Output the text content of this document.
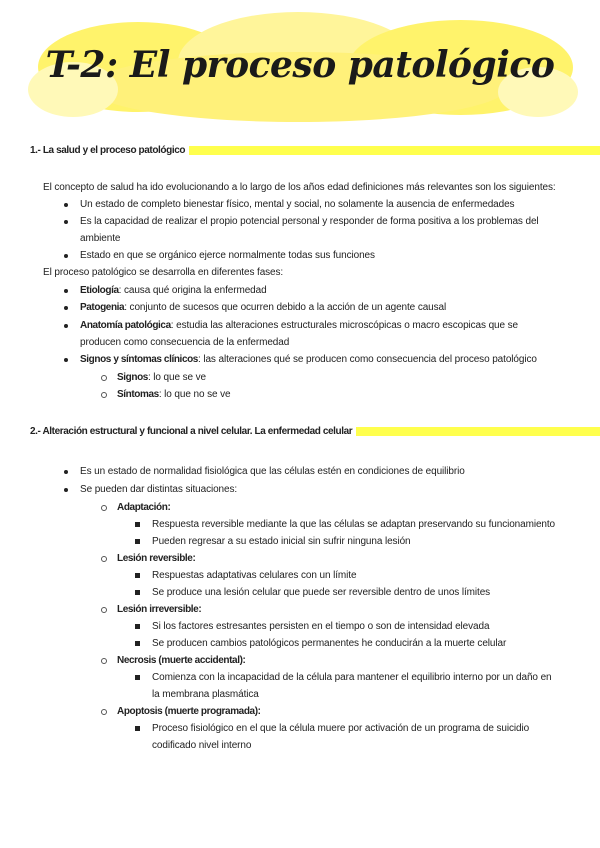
T-2: El proceso patológico
1.- La salud y el proceso patológico
El concepto de salud ha ido evolucionando a lo largo de los años edad definiciones más relevantes son los siguientes:
Un estado de completo bienestar físico, mental y social, no solamente la ausencia de enfermedades
Es la capacidad de realizar el propio potencial personal y responder de forma positiva a los problemas del
ambiente
Estado en que se orgánico ejerce normalmente todas sus funciones
El proceso patológico se desarrolla en diferentes fases:
Etiología: causa qué origina la enfermedad
Patogenia: conjunto de sucesos que ocurren debido a la acción de un agente causal
Anatomía patológica: estudia las alteraciones estructurales microscópicas o macro escopicas que se
producen como consecuencia de la enfermedad
Signos y síntomas clínicos: las alteraciones qué se producen como consecuencia del proceso patológico
Signos: lo que se ve
Síntomas: lo que no se ve
2.- Alteración estructural y funcional a nivel celular. La enfermedad celular
Es un estado de normalidad fisiológica que las células estén en condiciones de equilibrio
Se pueden dar distintas situaciones:
Adaptación:
Respuesta reversible mediante la que las células se adaptan preservando su funcionamiento
Pueden regresar a su estado inicial sin sufrir ninguna lesión
Lesión reversible:
Respuestas adaptativas celulares con un límite
Se produce una lesión celular que puede ser reversible dentro de unos límites
Lesión irreversible:
Si los factores estresantes persisten en el tiempo o son de intensidad elevada
Se producen cambios patológicos permanentes he conducirán a la muerte celular
Necrosis (muerte accidental):
Comienza con la incapacidad de la célula para mantener el equilibrio interno por un daño en
la membrana plasmática
Apoptosis (muerte programada):
Proceso fisiológico en el que la célula muere por activación de un programa de suicidio
codificado nivel interno
